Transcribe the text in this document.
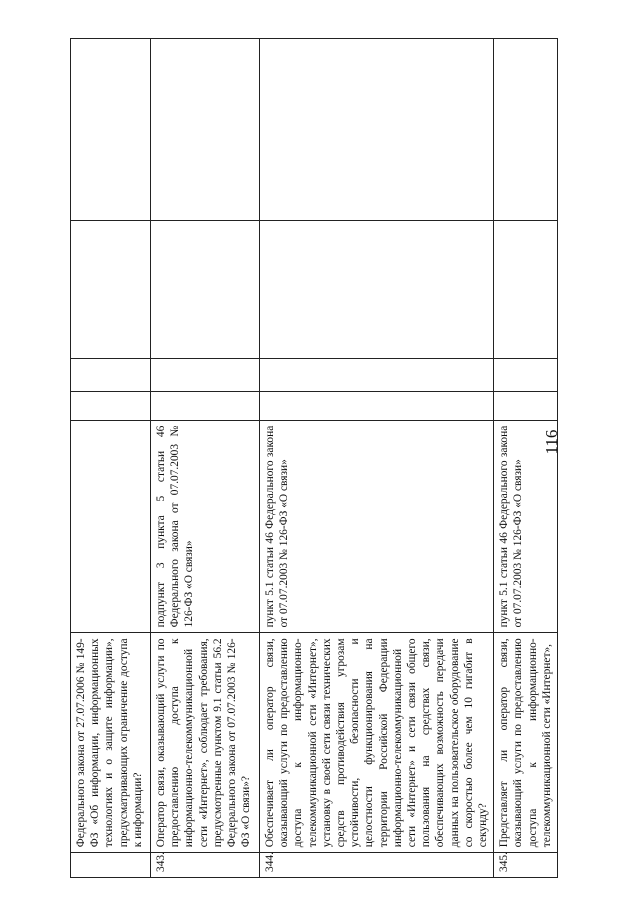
116
	Федерального закона от 27.07.2006 № 149-ФЗ «Об информации, информационных технологиях и о защите информации», предусматривающих ограничение доступа к информации?					
343.	Оператор связи, оказывающий услуги по предоставлению доступа к информационно-телекоммуникационной сети «Интернет», соблюдает требования, предусмотренные пунктом 9.1 статьи 56.2 Федерального закона от 07.07.2003 № 126-ФЗ «О связи»?	подпункт 3 пункта 5 статьи 46 Федерального закона от 07.07.2003 № 126-ФЗ «О связи»				
344.	Обеспечивает ли оператор связи, оказывающий услуги по предоставлению доступа к информационно-телекоммуникационной сети «Интернет», установку в своей сети связи технических средств противодействия угрозам устойчивости, безопасности и целостности функционирования на территории Российской Федерации информационно-телекоммуникационной сети «Интернет» и сети связи общего пользования на средствах связи, обеспечивающих возможность передачи данных на пользовательское оборудование со скоростью более чем 10 гигабит в секунду?	пункт 5.1 статьи 46 Федерального закона от 07.07.2003 № 126-ФЗ «О связи»				
345.	Представляет ли оператор связи, оказывающий услуги по предоставлению доступа к информационно-телекоммуникационной сети «Интернет»,	пункт 5.1 статьи 46 Федерального закона от 07.07.2003 № 126-ФЗ «О связи»				
